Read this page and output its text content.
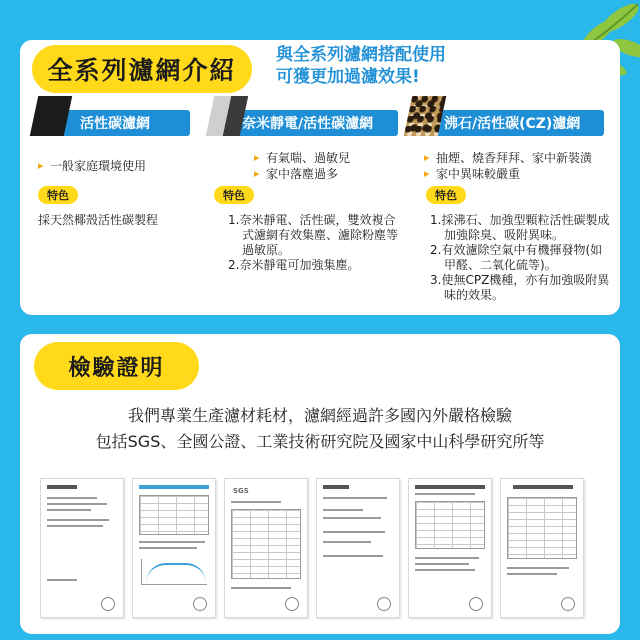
全系列濾網介紹
與全系列濾網搭配使用
可獲更加過濾效果!
活性碳濾網
▸ 一般家庭環境使用
特色

採天然椰殼活性碳製程

奈米靜電/活性碳濾網
▸ 有氣喘、過敏兒
▸ 家中落塵過多
特色

1.奈米靜電、活性碳，雙效複合式濾網有效集塵、濾除粉塵等過敏原。

2.奈米靜電可加強集塵。

沸石/活性碳(CZ)濾網
▸ 抽煙、燒香拜拜、家中新裝潢
▸ 家中異味較嚴重
特色

1.採沸石、加強型顆粒活性碳製成加強除臭、吸附異味。

2.有效濾除空氣中有機揮發物(如甲醛、二氧化硫等)。

3.使無CPZ機種，亦有加強吸附異味的效果。

檢驗證明
我們專業生產濾材耗材，濾網經過許多國內外嚴格檢驗
包括SGS、全國公證、工業技術研究院及國家中山科學研究所等
SGS
